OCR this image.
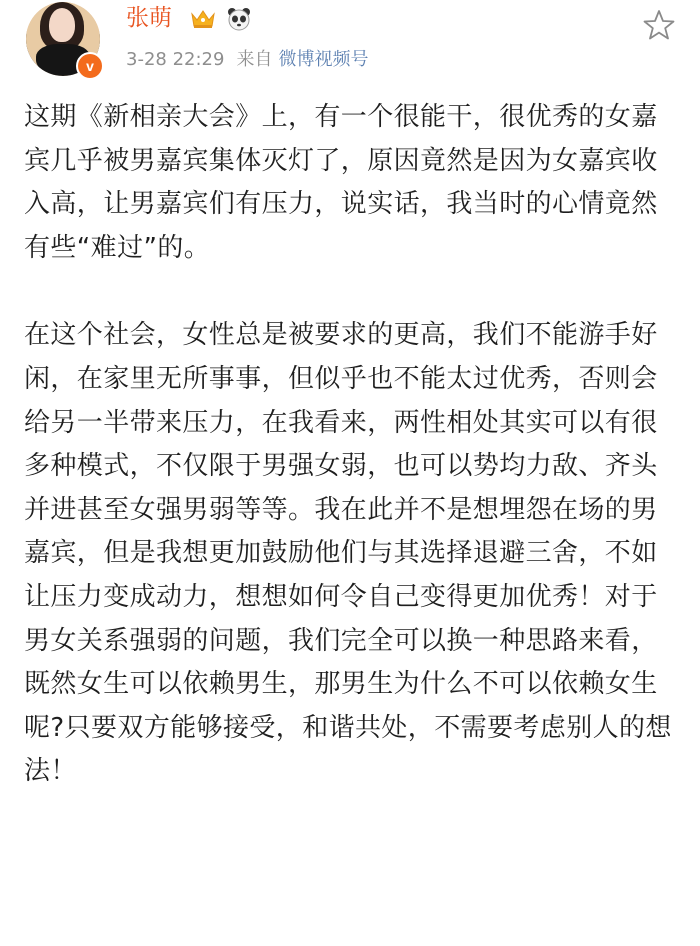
v
张萌
3-28 22:29 来自 微博视频号

这期《新相亲大会》上，有一个很能干，很优秀的女嘉宾几乎被男嘉宾集体灭灯了，原因竟然是因为女嘉宾收入高，让男嘉宾们有压力，说实话，我当时的心情竟然有些“难过”的。

在这个社会，女性总是被要求的更高，我们不能游手好闲，在家里无所事事，但似乎也不能太过优秀，否则会给另一半带来压力，在我看来，两性相处其实可以有很多种模式，不仅限于男强女弱，也可以势均力敌、齐头并进甚至女强男弱等等。我在此并不是想埋怨在场的男嘉宾，但是我想更加鼓励他们与其选择退避三舍，不如让压力变成动力，想想如何令自己变得更加优秀！对于男女关系强弱的问题，我们完全可以换一种思路来看，既然女生可以依赖男生，那男生为什么不可以依赖女生呢?只要双方能够接受，和谐共处，不需要考虑别人的想法！
